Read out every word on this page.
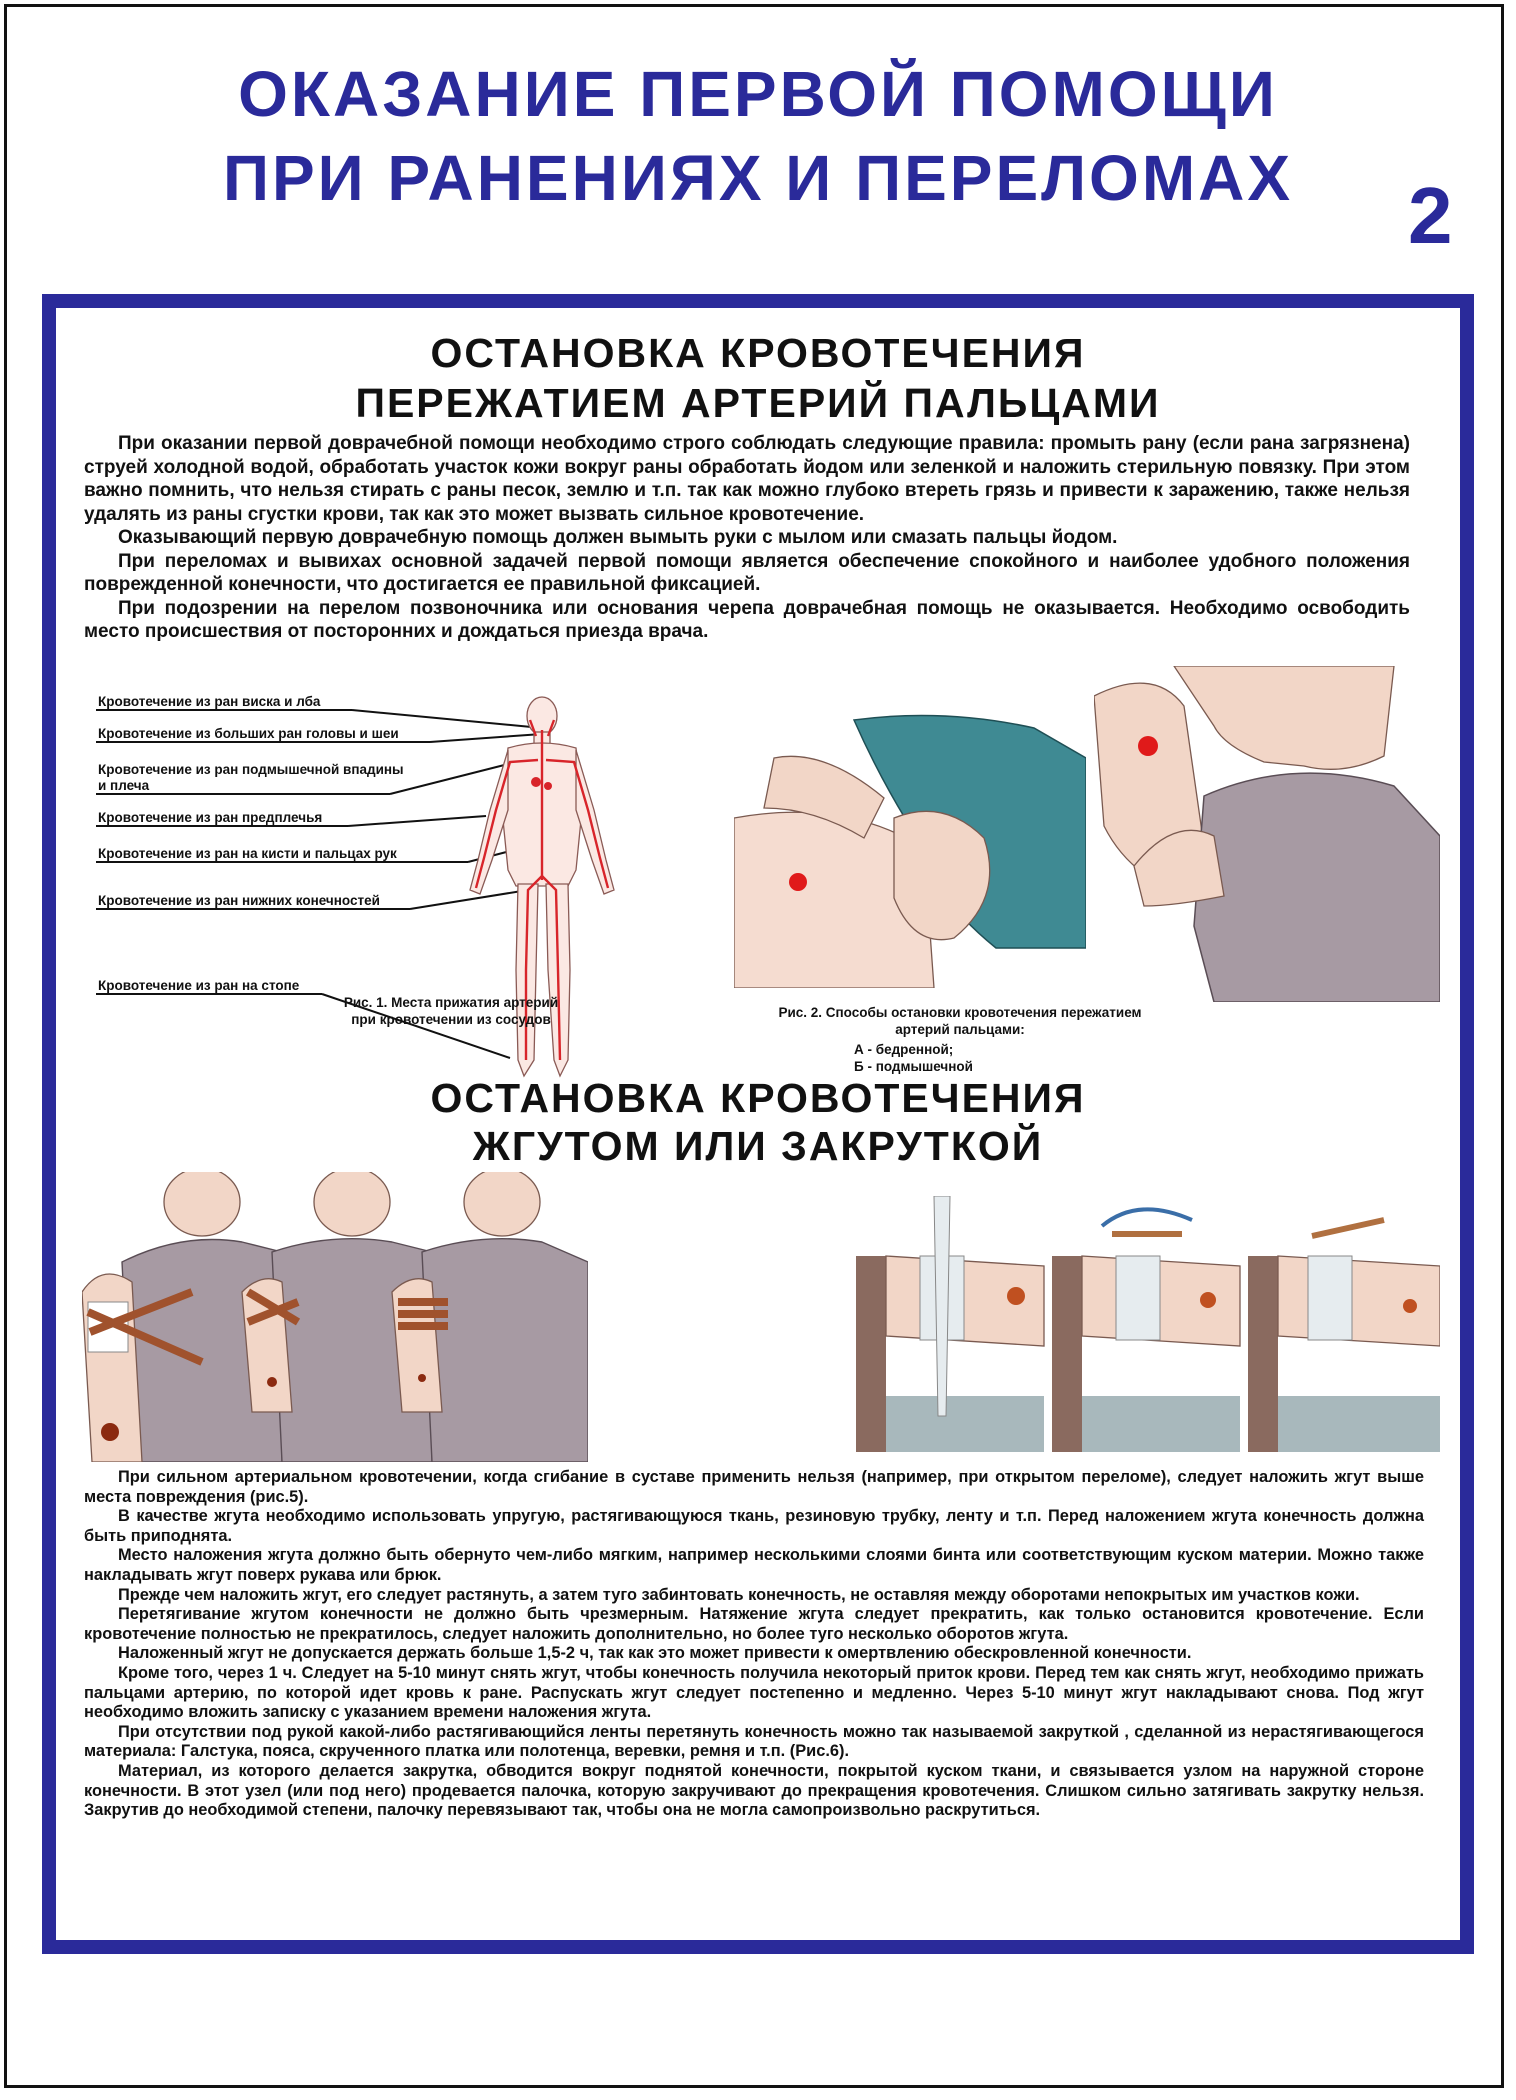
ОКАЗАНИЕ ПЕРВОЙ ПОМОЩИ
ПРИ РАНЕНИЯХ И ПЕРЕЛОМАХ	2
ОСТАНОВКА КРОВОТЕЧЕНИЯ
ПЕРЕЖАТИЕМ АРТЕРИЙ ПАЛЬЦАМИ

При оказании первой доврачебной помощи необходимо строго соблюдать следующие правила: промыть рану (если рана загрязнена) струей холодной водой, обработать участок кожи вокруг раны обработать йодом или зеленкой и наложить стерильную повязку. При этом важно помнить, что нельзя стирать с раны песок, землю и т.п. так как можно глубоко втереть грязь и привести к заражению, также нельзя удалять из раны сгустки крови, так как это может вызвать сильное кровотечение.

Оказывающий первую доврачебную помощь должен вымыть руки с мылом или смазать пальцы йодом.

При переломах и вывихах основной задачей первой помощи является обеспечение спокойного и наиболее удобного положения поврежденной конечности, что достигается ее правильной фиксацией.

При подозрении на перелом позвоночника или основания черепа доврачебная помощь не оказывается. Необходимо освободить место происшествия от посторонних и дождаться приезда врача.

Кровотечение из ран виска и лба
Кровотечение из больших ран головы и шеи
Кровотечение из ран подмышечной впадины
и плеча
Кровотечение из ран предплечья
Кровотечение из ран на кисти и пальцах рук
Кровотечение из ран нижних конечностей
Кровотечение из ран на стопе
Рис. 1. Места прижатия артерий
при кровотечении из сосудов	Рис. 2. Способы остановки кровотечения пережатием
артерий пальцами:
А - бедренной;
Б - подмышечной
ОСТАНОВКА КРОВОТЕЧЕНИЯ
ЖГУТОМ ИЛИ ЗАКРУТКОЙ

При сильном артериальном кровотечении, когда сгибание в суставе применить нельзя (например, при открытом переломе), следует наложить жгут выше места повреждения (рис.5).

В качестве жгута необходимо использовать упругую, растягивающуюся ткань, резиновую трубку, ленту и т.п. Перед наложением жгута конечность должна быть приподнята.

Место наложения жгута должно быть обернуто чем-либо мягким, например несколькими слоями бинта или соответствующим куском материи. Можно также накладывать жгут поверх рукава или брюк.

Прежде чем наложить жгут, его следует растянуть, а затем туго забинтовать конечность, не оставляя между оборотами непокрытых им участков кожи.

Перетягивание жгутом конечности не должно быть чрезмерным. Натяжение жгута следует прекратить, как только остановится кровотечение. Если кровотечение полностью не прекратилось, следует наложить дополнительно, но более туго несколько оборотов жгута.

Наложенный жгут не допускается держать больше 1,5-2 ч, так как это может привести к омертвлению обескровленной конечности.

Кроме того, через 1 ч. Следует на 5-10 минут снять жгут, чтобы конечность получила некоторый приток крови. Перед тем как снять жгут, необходимо прижать пальцами артерию, по которой идет кровь к ране. Распускать жгут следует постепенно и медленно. Через 5-10 минут жгут накладывают снова. Под жгут необходимо вложить записку с указанием времени наложения жгута.

При отсутствии под рукой какой-либо растягивающийся ленты перетянуть конечность можно так называемой закруткой , сделанной из нерастягивающегося материала: Галстука, пояса, скрученного платка или полотенца, веревки, ремня и т.п. (Рис.6).

Материал, из которого делается закрутка, обводится вокруг поднятой конечности, покрытой куском ткани, и связывается узлом на наружной стороне конечности. В этот узел (или под него) продевается палочка, которую закручивают до прекращения кровотечения. Слишком сильно затягивать закрутку нельзя. Закрутив до необходимой степени, палочку перевязывают так, чтобы она не могла самопроизвольно раскрутиться.
